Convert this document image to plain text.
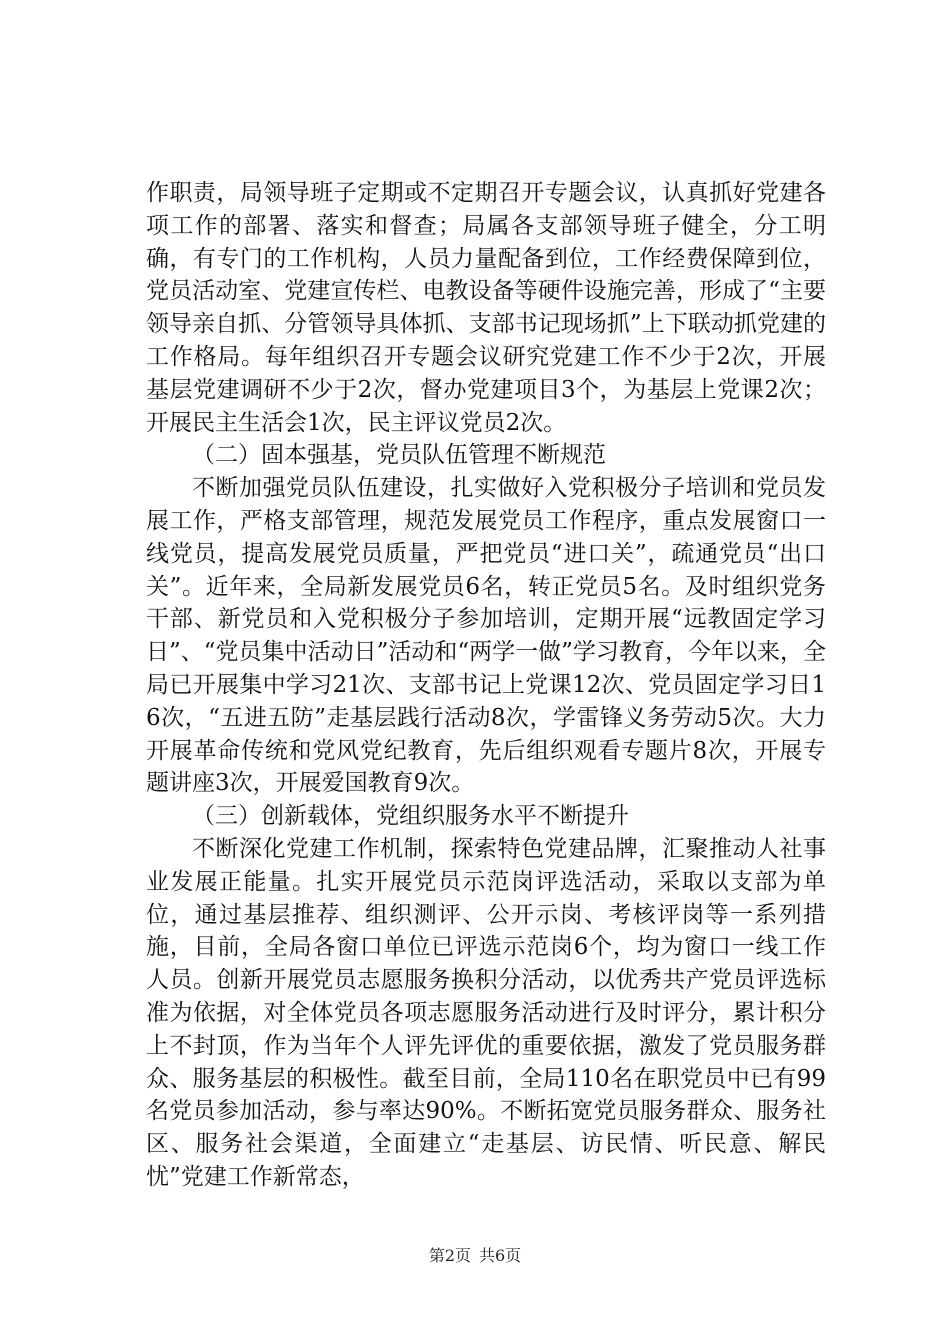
作职责，局领导班子定期或不定期召开专题会议，认真抓好党建各项工作的部署、落实和督查；局属各支部领导班子健全，分工明确，有专门的工作机构，人员力量配备到位，工作经费保障到位，党员活动室、党建宣传栏、电教设备等硬件设施完善，形成了“主要领导亲自抓、分管领导具体抓、支部书记现场抓”上下联动抓党建的工作格局。每年组织召开专题会议研究党建工作不少于2次，开展基层党建调研不少于2次，督办党建项目3个，为基层上党课2次；开展民主生活会1次，民主评议党员2次。

（二）固本强基，党员队伍管理不断规范

不断加强党员队伍建设，扎实做好入党积极分子培训和党员发展工作，严格支部管理，规范发展党员工作程序，重点发展窗口一线党员，提高发展党员质量，严把党员“进口关”，疏通党员“出口关”。近年来，全局新发展党员6名，转正党员5名。及时组织党务干部、新党员和入党积极分子参加培训，定期开展“远教固定学习日”、“党员集中活动日”活动和“两学一做”学习教育，今年以来，全局已开展集中学习21次、支部书记上党课12次、党员固定学习日16次，“五进五防”走基层践行活动8次，学雷锋义务劳动5次。大力开展革命传统和党风党纪教育，先后组织观看专题片8次，开展专题讲座3次，开展爱国教育9次。

（三）创新载体，党组织服务水平不断提升

不断深化党建工作机制，探索特色党建品牌，汇聚推动人社事业发展正能量。扎实开展党员示范岗评选活动，采取以支部为单位，通过基层推荐、组织测评、公开示岗、考核评岗等一系列措施，目前，全局各窗口单位已评选示范岗6个，均为窗口一线工作人员。创新开展党员志愿服务换积分活动，以优秀共产党员评选标准为依据，对全体党员各项志愿服务活动进行及时评分，累计积分上不封顶，作为当年个人评先评优的重要依据，激发了党员服务群众、服务基层的积极性。截至目前，全局110名在职党员中已有99名党员参加活动，参与率达90%。不断拓宽党员服务群众、服务社区、服务社会渠道，全面建立“走基层、访民情、听民意、解民忧”党建工作新常态，

第2页 共6页
